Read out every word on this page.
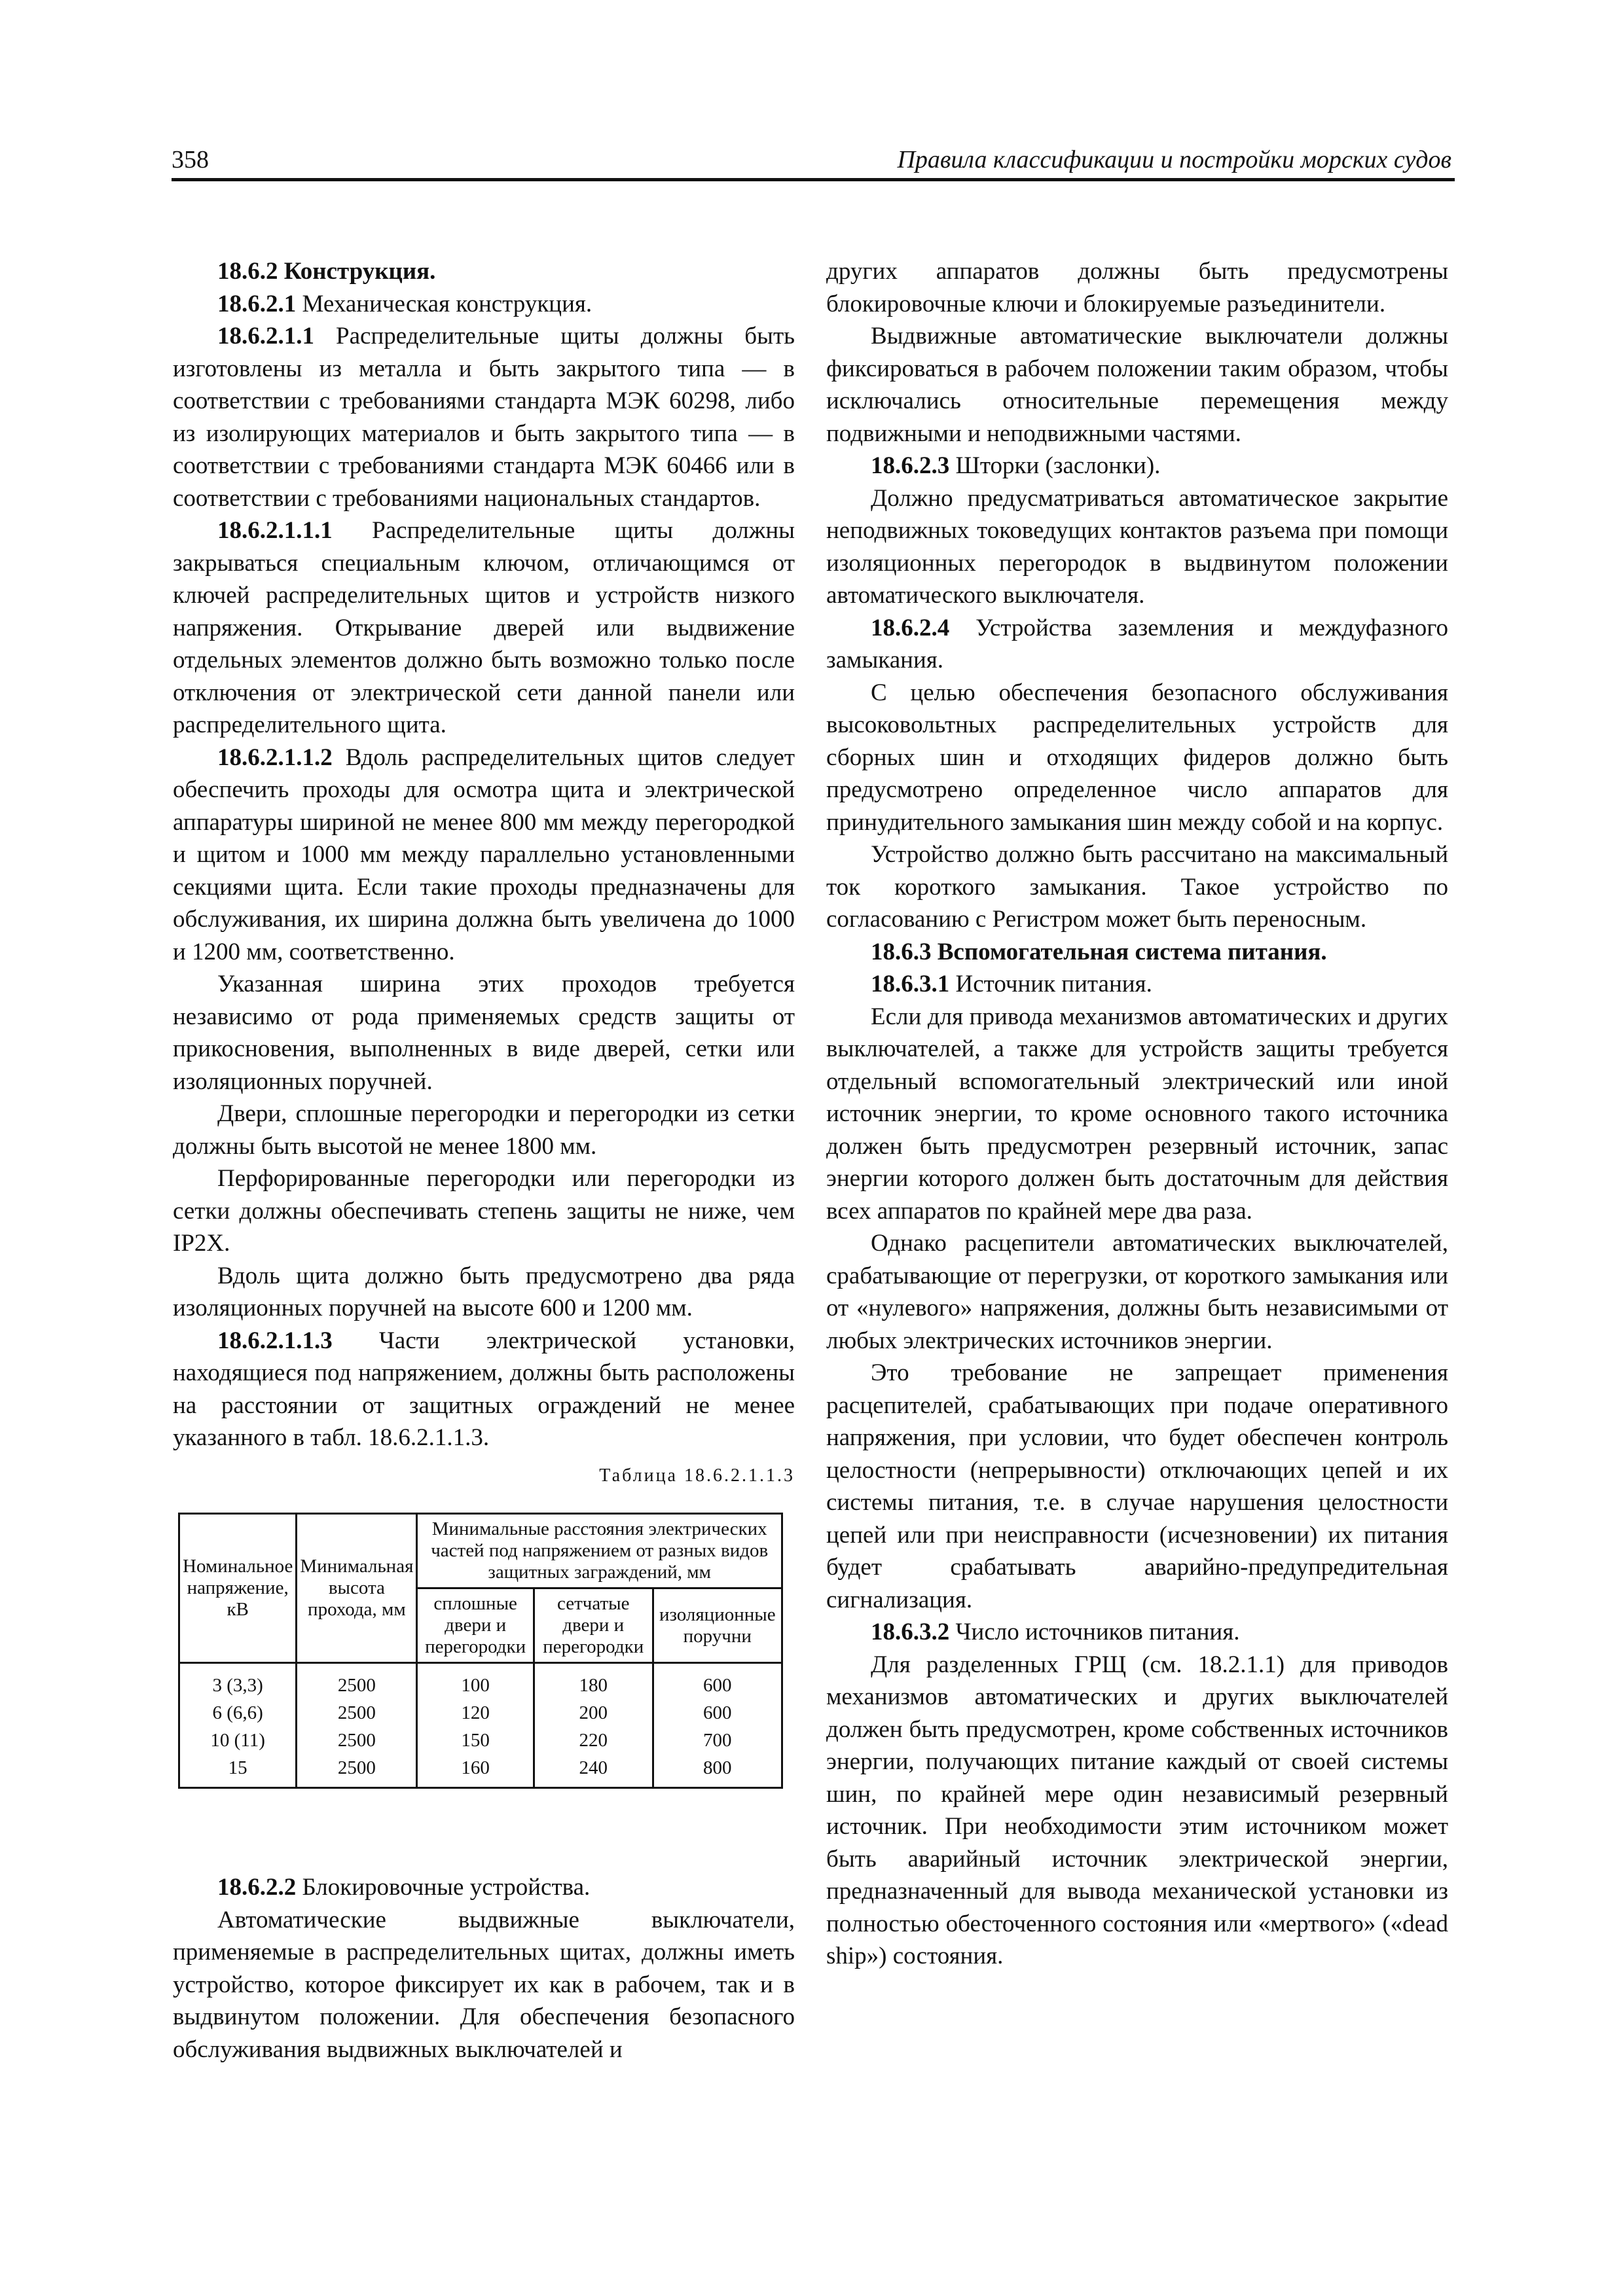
358	Правила классификации и постройки морских судов

18.6.2 Конструкция.

18.6.2.1 Механическая конструкция.

18.6.2.1.1 Распределительные щиты должны быть изготовлены из металла и быть закрытого типа — в соответствии с требованиями стандарта МЭК 60298, либо из изолирующих материалов и быть закрытого типа — в соответствии с требованиями стандарта МЭК 60466 или в соответствии с требованиями национальных стандартов.

18.6.2.1.1.1 Распределительные щиты должны закрываться специальным ключом, отличающимся от ключей распределительных щитов и устройств низкого напряжения. Открывание дверей или выдвижение отдельных элементов должно быть возможно только после отключения от электрической сети данной панели или распределительного щита.

18.6.2.1.1.2 Вдоль распределительных щитов следует обеспечить проходы для осмотра щита и электрической аппаратуры шириной не менее 800 мм между перегородкой и щитом и 1000 мм между параллельно установленными секциями щита. Если такие проходы предназначены для обслуживания, их ширина должна быть увеличена до 1000 и 1200 мм, соответственно.

Указанная ширина этих проходов требуется независимо от рода применяемых средств защиты от прикосновения, выполненных в виде дверей, сетки или изоляционных поручней.

Двери, сплошные перегородки и перегородки из сетки должны быть высотой не менее 1800 мм.

Перфорированные перегородки или перегородки из сетки должны обеспечивать степень защиты не ниже, чем IP2X.

Вдоль щита должно быть предусмотрено два ряда изоляционных поручней на высоте 600 и 1200 мм.

18.6.2.1.1.3 Части электрической установки, находящиеся под напряжением, должны быть расположены на расстоянии от защитных ограждений не менее указанного в табл. 18.6.2.1.1.3.

Таблица 18.6.2.1.1.3
Номинальное напряжение, кВ	Минимальная высота прохода, мм	Минимальные расстояния электрических частей под напряжением от разных видов защитных заграждений, мм		
		сплошные двери и перегородки	сетчатые двери и перегородки	изоляционные поручни
3 (3,3)	2500	100	180	600
6 (6,6)	2500	120	200	600
10 (11)	2500	150	220	700
15	2500	160	240	800

18.6.2.2 Блокировочные устройства.

Автоматические выдвижные выключатели, применяемые в распределительных щитах, должны иметь устройство, которое фиксирует их как в рабочем, так и в выдвинутом положении. Для обеспечения безопасного обслуживания выдвижных выключателей и

других аппаратов должны быть предусмотрены блокировочные ключи и блокируемые разъединители.

Выдвижные автоматические выключатели должны фиксироваться в рабочем положении таким образом, чтобы исключались относительные перемещения между подвижными и неподвижными частями.

18.6.2.3 Шторки (заслонки).

Должно предусматриваться автоматическое закрытие неподвижных токоведущих контактов разъема при помощи изоляционных перегородок в выдвинутом положении автоматического выключателя.

18.6.2.4 Устройства заземления и междуфазного замыкания.

С целью обеспечения безопасного обслуживания высоковольтных распределительных устройств для сборных шин и отходящих фидеров должно быть предусмотрено определенное число аппаратов для принудительного замыкания шин между собой и на корпус.

Устройство должно быть рассчитано на максимальный ток короткого замыкания. Такое устройство по согласованию с Регистром может быть переносным.

18.6.3 Вспомогательная система питания.

18.6.3.1 Источник питания.

Если для привода механизмов автоматических и других выключателей, а также для устройств защиты требуется отдельный вспомогательный электрический или иной источник энергии, то кроме основного такого источника должен быть предусмотрен резервный источник, запас энергии которого должен быть достаточным для действия всех аппаратов по крайней мере два раза.

Однако расцепители автоматических выключателей, срабатывающие от перегрузки, от короткого замыкания или от «нулевого» напряжения, должны быть независимыми от любых электрических источников энергии.

Это требование не запрещает применения расцепителей, срабатывающих при подаче оперативного напряжения, при условии, что будет обеспечен контроль целостности (непрерывности) отключающих цепей и их системы питания, т.е. в случае нарушения целостности цепей или при неисправности (исчезновении) их питания будет срабатывать аварийно-предупредительная сигнализация.

18.6.3.2 Число источников питания.

Для разделенных ГРЩ (см. 18.2.1.1) для приводов механизмов автоматических и других выключателей должен быть предусмотрен, кроме собственных источников энергии, получающих питание каждый от своей системы шин, по крайней мере один независимый резервный источник. При необходимости этим источником может быть аварийный источник электрической энергии, предназначенный для вывода механической установки из полностью обесточенного состояния или «мертвого» («dead ship») состояния.
